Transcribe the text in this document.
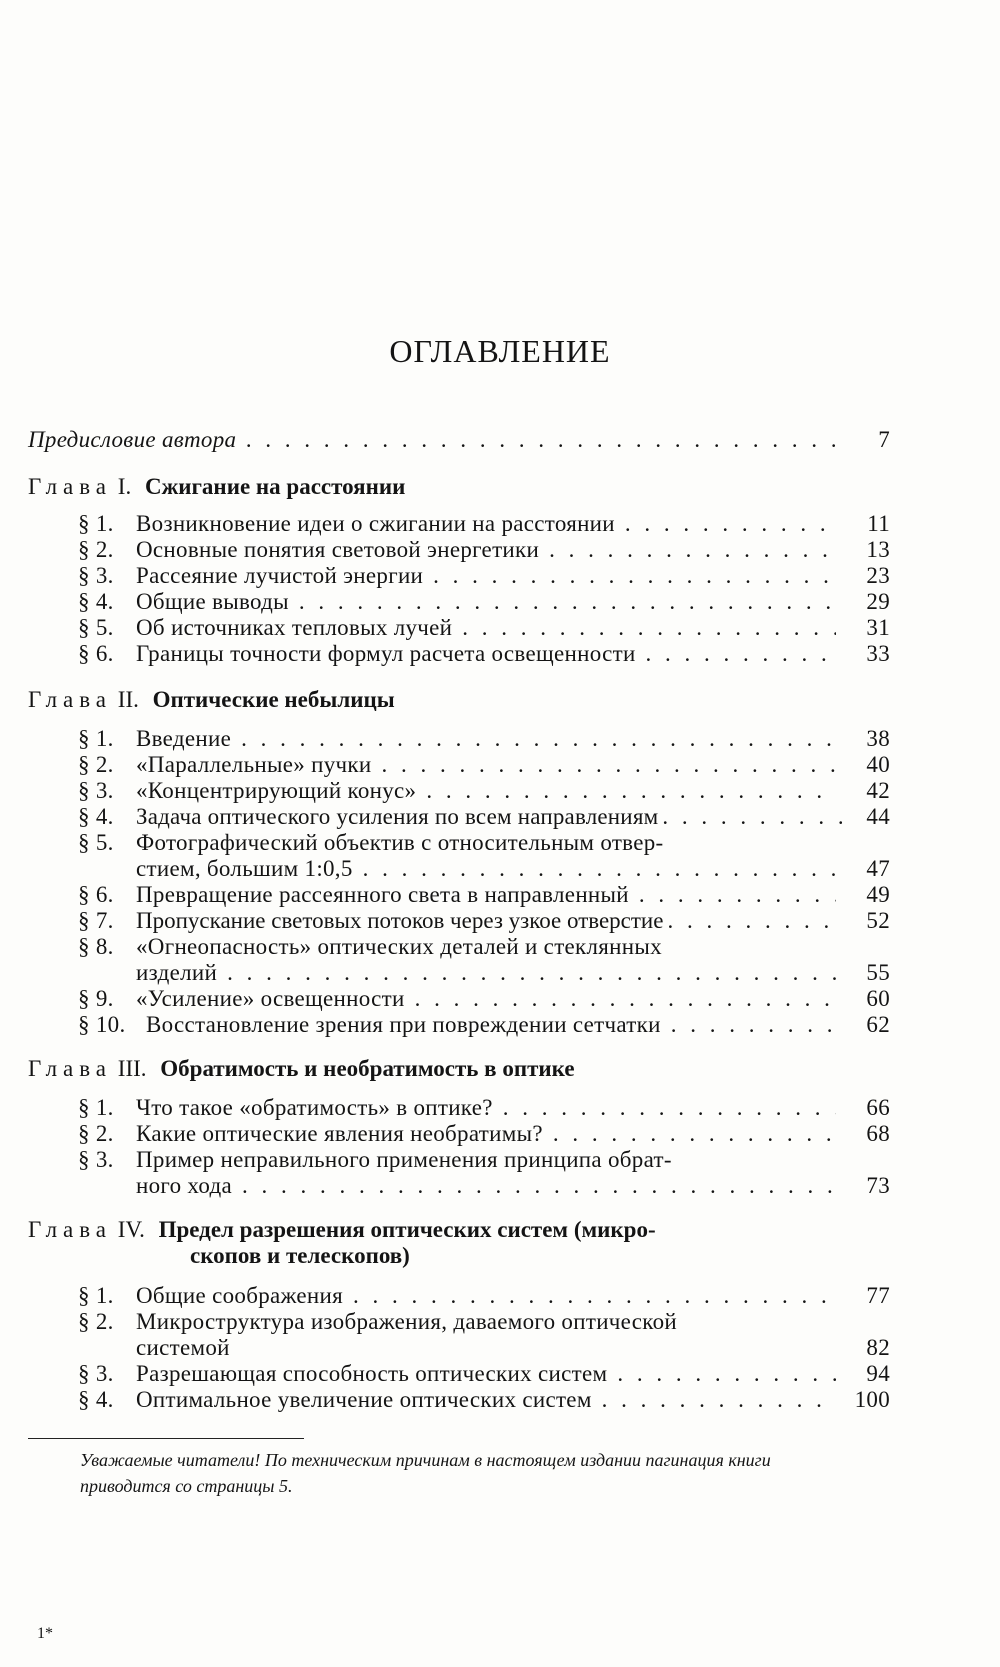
ОГЛАВЛЕНИЕ
Предисловие автора . . .	7
Глава I. Сжигание на расстоянии
§ 1. Возникновение идеи о сжигании на расстоянии . . .	11
§ 2. Основные понятия световой энергетики . . .	13
§ 3. Рассеяние лучистой энергии . . .	23
§ 4. Общие выводы . . .	29
§ 5. Об источниках тепловых лучей . . .	31
§ 6. Границы точности формул расчета освещенности . . .	33
Глава II. Оптические небылицы
§ 1. Введение . . .	38
§ 2. «Параллельные» пучки . . .	40
§ 3. «Концентрирующий конус» . . .	42
§ 4. Задача оптического усиления по всем направлениям . . .	44
§ 5. Фотографический объектив с относительным отвер-
стием, большим 1:0,5 . . .	47
§ 6. Превращение рассеянного света в направленный . . .	49
§ 7. Пропускание световых потоков через узкое отверстие . . .	52
§ 8. «Огнеопасность» оптических деталей и стеклянных
изделий . . .	55
§ 9. «Усиление» освещенности . . .	60
§ 10. Восстановление зрения при повреждении сетчатки . . .	62
Глава III. Обратимость и необратимость в оптике
§ 1. Что такое «обратимость» в оптике? . . .	66
§ 2. Какие оптические явления необратимы? . . .	68
§ 3. Пример неправильного применения принципа обрат-
ного хода . . .	73
Глава IV. Предел разрешения оптических систем (микро-
скопов и телескопов)
§ 1. Общие соображения . . .	77
§ 2. Микроструктура изображения, даваемого оптической
системой	82
§ 3. Разрешающая способность оптических систем . . .	94
§ 4. Оптимальное увеличение оптических систем . . .	100
Уважаемые читатели! По техническим причинам в настоящем издании пагинация книги приводится со страницы 5.
1*
